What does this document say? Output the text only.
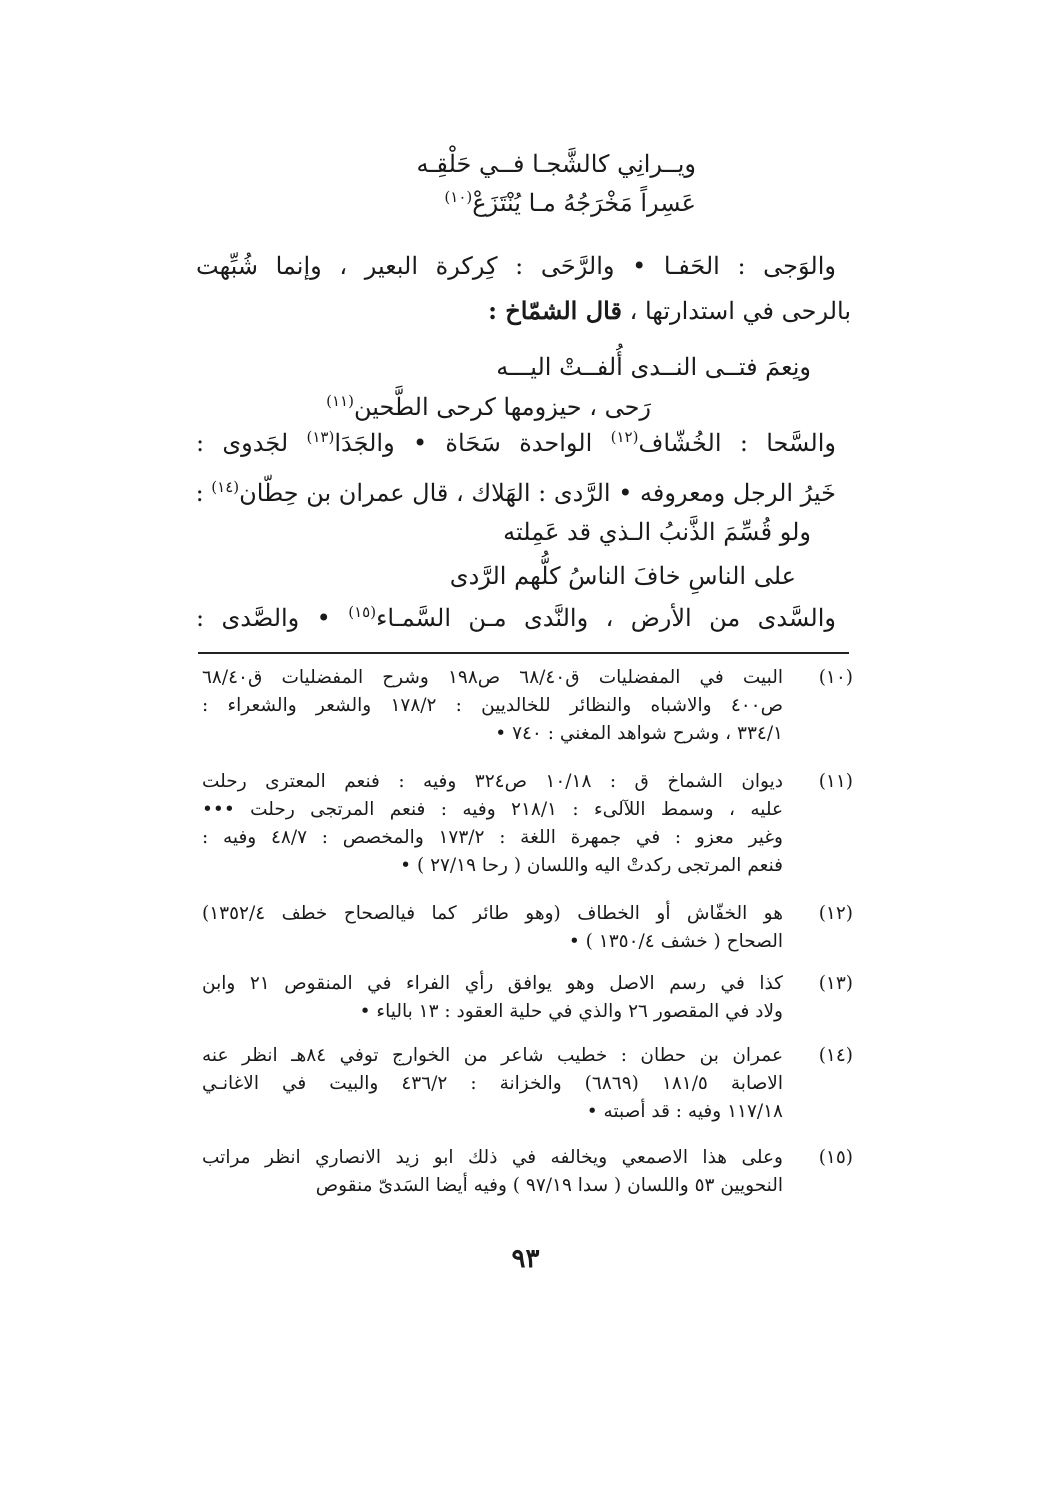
ويــرانِي كالشَّجـا فــي حَلْقِـه
عَسِراً مَخْرَجُهُ مـا يُنْتَزَعْ$^{(١٠)}$
والوَجى : الحَفـا • والرَّحَى : كِركرة البعير ، وإنما شُبِّهت
بالرحى في استدارتها ، قال الشمّاخ :
ونِعمَ فتــى النــدى أُلفــتْ اليـــه
رَحى ، حيزومها كرحى الطَّحين$^{(١١)}$
والسَّحا : الخُشّاف$^{(١٢)}$ الواحدة سَحَاة • والجَدَا$^{(١٣)}$ لجَدوى :
خَيرُ الرجل ومعروفه • الرَّدى : الهَلاك ، قال عمران بن حِطّان$^{(١٤)}$ :
ولو قُسِّمَ الذَّنبُ الـذي قد عَمِلته
على الناسِ خافَ الناسُ كلُّهم الرَّدى
والسَّدى من الأرض ، والنَّدى مـن السَّمـاء$^{(١٥)}$ • والصَّدى :
(١٠)
البيت في المفضليات ق٦٨/٤٠ ص١٩٨ وشرح المفضليات ق٦٨/٤٠
ص٤٠٠ والاشباه والنظائر للخالديين : ١٧٨/٢ والشعر والشعراء :
٣٣٤/١ ، وشرح شواهد المغني : ٧٤٠ •
(١١)
ديوان الشماخ ق : ١٠/١٨ ص٣٢٤ وفيه : فنعم المعترى رحلت
عليه ، وسمط اللآلىء : ٢١٨/١ وفيه : فنعم المرتجى رحلت •••
وغير معزو : في جمهرة اللغة : ١٧٣/٢ والمخصص : ٤٨/٧ وفيه :
فنعم المرتجى ركدتْ اليه واللسان ( رحا ٢٧/١٩ ) •
(١٢)
هو الخفّاش أو الخطاف (وهو طائر كما فيالصحاح خطف ١٣٥٢/٤)
الصحاح ( خشف ١٣٥٠/٤ ) •
(١٣)
كذا في رسم الاصل وهو يوافق رأي الفراء في المنقوص ٢١ وابن
ولاد في المقصور ٢٦ والذي في حلية العقود : ١٣ بالياء •
(١٤)
عمران بن حطان : خطيب شاعر من الخوارج توفي ٨٤هـ انظر عنه
الاصابة ١٨١/٥ (٦٨٦٩) والخزانة : ٤٣٦/٢ والبيت في الاغانـي
١١٧/١٨ وفيه : قد أصبته •
(١٥)
وعلى هذا الاصمعي ويخالفه في ذلك ابو زيد الانصاري انظر مراتب
النحويين ٥٣ واللسان ( سدا ٩٧/١٩ ) وفيه أيضا السَدىّ منقوص
٩٣
